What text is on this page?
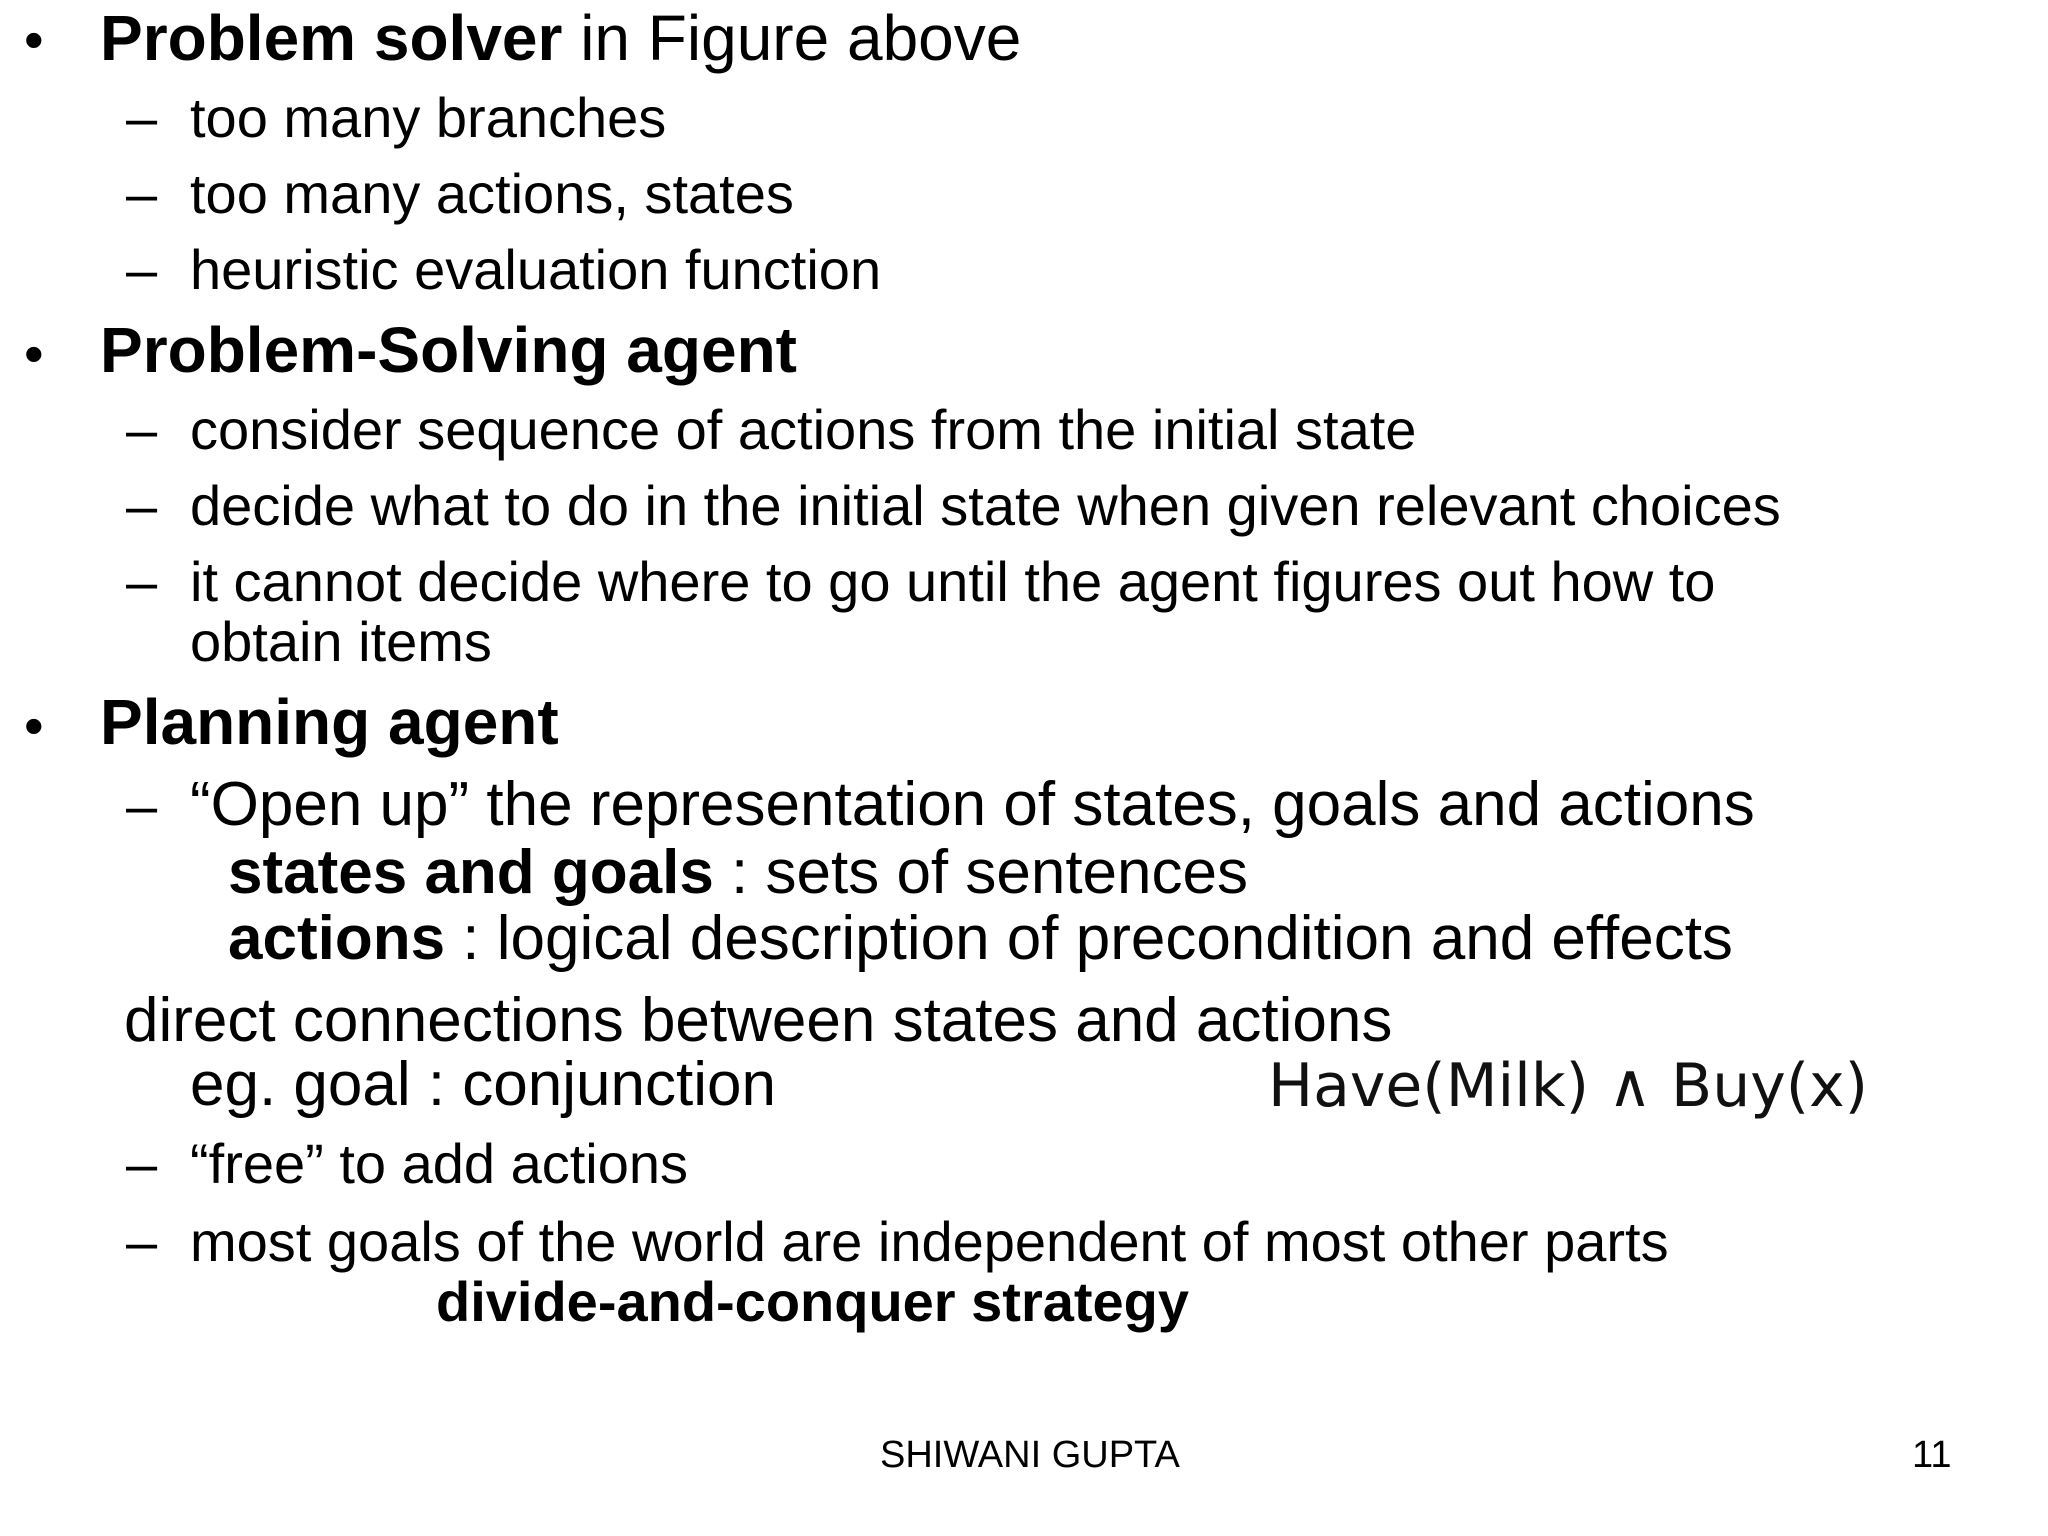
• Problem solver in Figure above
– too many branches
– too many actions, states
– heuristic evaluation function
• Problem-Solving agent
– consider sequence of actions from the initial state
– decide what to do in the initial state when given relevant choices
– it cannot decide where to go until the agent figures out how to
obtain items
• Planning agent
– “Open up” the representation of states, goals and actions
states and goals : sets of sentences
actions : logical description of precondition and effects
direct connections between states and actions
eg. goal : conjunction	Have(Milk) ∧ Buy(x)
– “free” to add actions
– most goals of the world are independent of most other parts
divide-and-conquer strategy
SHIWANI GUPTA	11
